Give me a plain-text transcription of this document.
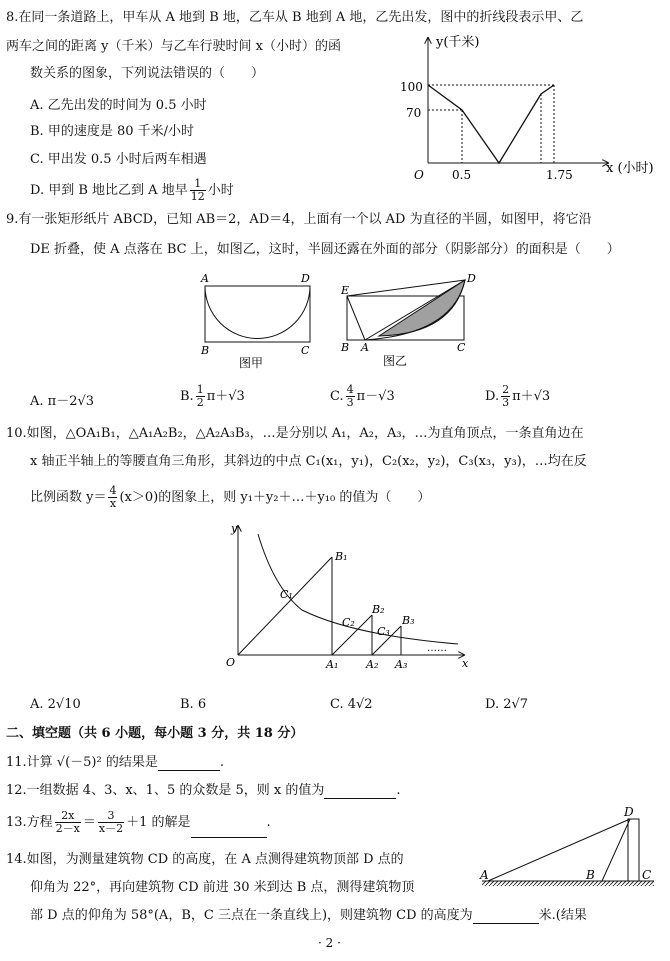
8.在同一条道路上，甲车从 A 地到 B 地，乙车从 B 地到 A 地，乙先出发，图中的折线段表示甲、乙
两车之间的距离 y（千米）与乙车行驶时间 x（小时）的函
数关系的图象，下列说法错误的（　　）
A. 乙先出发的时间为 0.5 小时
B. 甲的速度是 80 千米/小时
C. 甲出发 0.5 小时后两车相遇
D. 甲到 B 地比乙到 A 地早 $\frac{1}{12}$ 小时
y(千米)
x (小时)
O
100
70
0.5	1.75
9.有一张矩形纸片 ABCD，已知 AB＝2，AD＝4，上面有一个以 AD 为直径的半圆，如图甲，将它沿
DE 折叠，使 A 点落在 BC 上，如图乙，这时，半圆还露在外面的部分（阴影部分）的面积是（　　）
A	D
B	C
图甲
E
D
B A	C
图乙
A. π－2√3	B. $\frac{1}{2} \pi+√3$	C. $\frac{4}{3} \pi-√3$	D. $\frac{2}{3} \pi+√3$
10.如图，△OA₁B₁，△A₁A₂B₂，△A₂A₃B₃，…是分别以 A₁，A₂，A₃，…为直角顶点，一条直角边在
x 轴正半轴上的等腰直角三角形，其斜边的中点 C₁(x₁，y₁)，C₂(x₂，y₂)，C₃(x₃，y₃)，…均在反
比例函数 $y= \frac{4}{x} (x>0)$的图象上，则 y₁＋y₂＋…＋y₁₀ 的值为（　　）
y
x
O
B₁
B₂
B₃
C₁
C₂
C₃
A₁	A₂ A₃
……
A. 2√10	B. 6	C. 4√2	D. 2√7
二、填空题（共 6 小题，每小题 3 分，共 18 分）
11.计算 √(－5)² 的结果是	.
12.一组数据 4、3、x、1、5 的众数是 5，则 x 的值为	.
13.方程 $\frac{2x}{2-x} = \frac{3}{x-2} +1$ 的解是	.
14.如图，为测量建筑物 CD 的高度，在 A 点测得建筑物顶部 D 点的
仰角为 22°，再向建筑物 CD 前进 30 米到达 B 点，测得建筑物顶
部 D 点的仰角为 58°(A，B，C 三点在一条直线上)，则建筑物 CD 的高度为	米.(结果
A	B	C
D
· 2 ·
